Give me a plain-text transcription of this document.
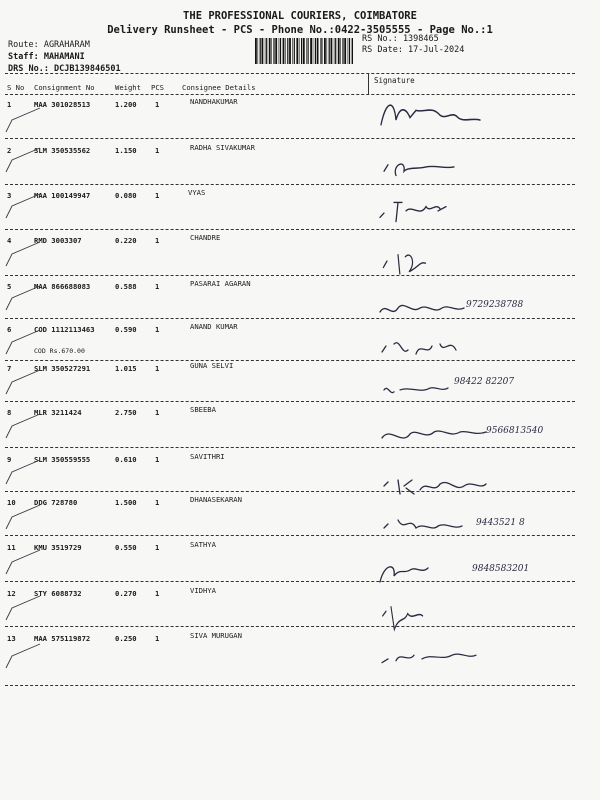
THE PROFESSIONAL COURIERS, COIMBATORE
Delivery Runsheet - PCS - Phone No.:0422-3505555 - Page No.:1
Route: AGRAHARAM
Staff: MAHAMANI
DRS No.: DCJB139846501
RS No.: 1398465
RS Date: 17-Jul-2024
Signature
S No Consignment No	Weight PCS	Consignee Details
1	MAA 301028513	1.200	1	NANDHAKUMAR
2	SLM 350535562	1.150	1	RADHA SIVAKUMAR
3	MAA 100149947	0.080	1	VYAS
4	RMD 3003307	0.220	1	CHANDRE
5	MAA 866688083	0.588	1	PASARAI AGARAN
9729238788
6	COD 1112113463	0.590	1	ANAND KUMAR
COD Rs.670.00
7	SLM 350527291	1.015	1	GUNA SELVI
98422 82207
8	MLR 3211424	2.750	1	SBEEBA
9566813540
9	SLM 350559555	0.610	1	SAVITHRI
10	DDG 728780	1.500	1	DHANASEKARAN
9443521 8
11	KMU 3519729	0.550	1	SATHYA
9848583201
12	STY 6088732	0.270	1	VIDHYA
13	MAA 575119872	0.250	1	SIVA MURUGAN
